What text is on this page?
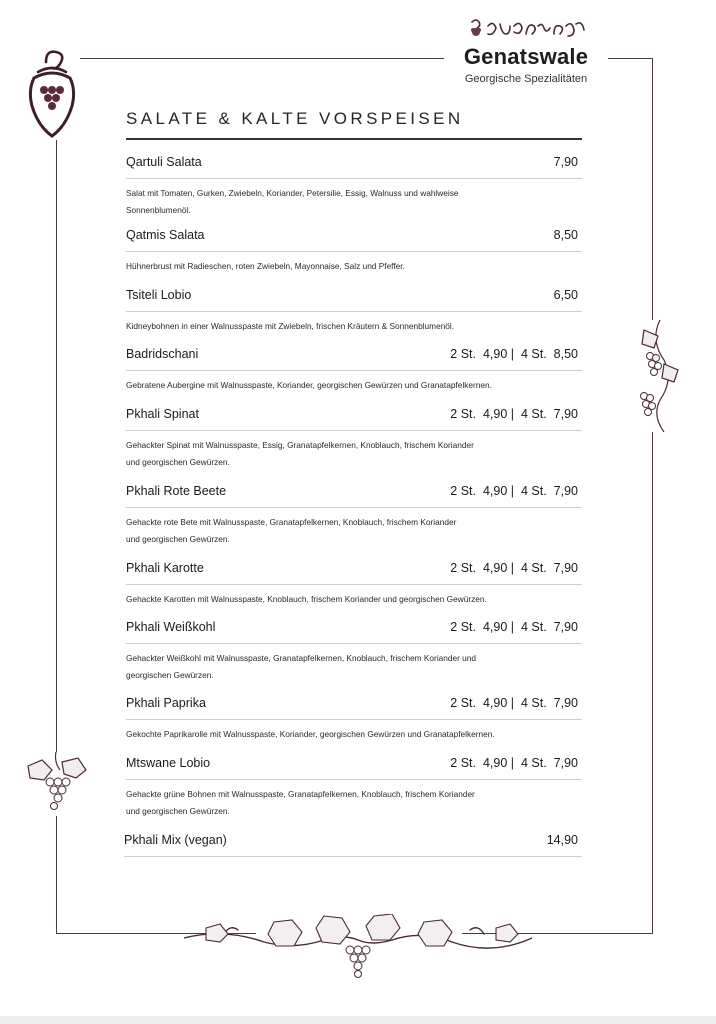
Genatswale
Georgische Spezialitäten
SALATE & KALTE VORSPEISEN
Qartuli Salata	7,90
Salat mit Tomaten, Gurken, Zwiebeln, Koriander, Petersilie, Essig, Walnuss und wahlweise
Sonnenblumenöl.
Qatmis Salata	8,50
Hühnerbrust mit Radieschen, roten Zwiebeln, Mayonnaise, Salz und Pfeffer.
Tsiteli Lobio	6,50
Kidneybohnen in einer Walnusspaste mit Zwiebeln, frischen Kräutern & Sonnenblumenöl.
Badridschani	2 St. 4,90 | 4 St. 8,50
Gebratene Aubergine mit Walnusspaste, Koriander, georgischen Gewürzen und Granatapfelkernen.
Pkhali Spinat	2 St. 4,90 | 4 St. 7,90
Gehackter Spinat mit Walnusspaste, Essig, Granatapfelkernen, Knoblauch, frischem Koriander
und georgischen Gewürzen.
Pkhali Rote Beete	2 St. 4,90 | 4 St. 7,90
Gehackte rote Bete mit Walnusspaste, Granatapfelkernen, Knoblauch, frischem Koriander
und georgischen Gewürzen.
Pkhali Karotte	2 St. 4,90 | 4 St. 7,90
Gehackte Karotten mit Walnusspaste, Knoblauch, frischem Koriander und georgischen Gewürzen.
Pkhali Weißkohl	2 St. 4,90 | 4 St. 7,90
Gehackter Weißkohl mit Walnusspaste, Granatapfelkernen, Knoblauch, frischem Koriander und
georgischen Gewürzen.
Pkhali Paprika	2 St. 4,90 | 4 St. 7,90
Gekochte Paprikarolle mit Walnusspaste, Koriander, georgischen Gewürzen und Granatapfelkernen.
Mtswane Lobio	2 St. 4,90 | 4 St. 7,90
Gehackte grüne Bohnen mit Walnusspaste, Granatapfelkernen, Knoblauch, frischem Koriander
und georgischen Gewürzen.
Pkhali Mix (vegan)	14,90
